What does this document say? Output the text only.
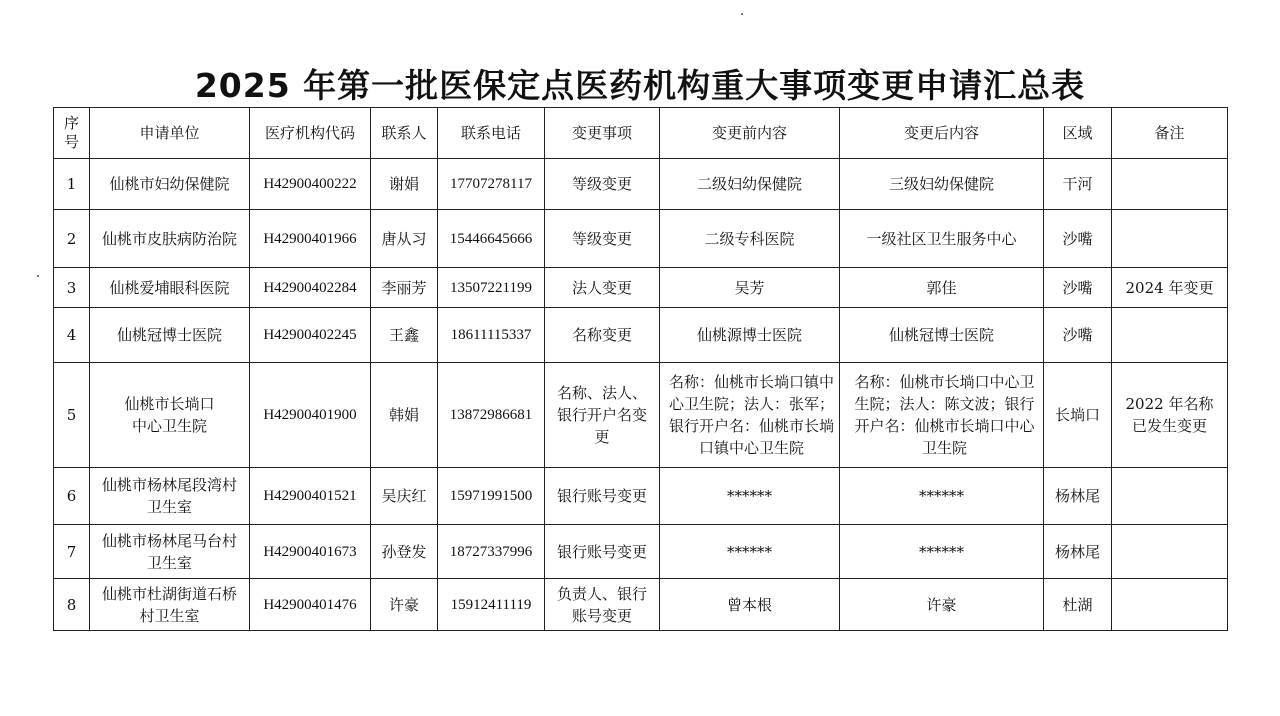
2025 年第一批医保定点医药机构重大事项变更申请汇总表
序号	申请单位	医疗机构代码	联系人	联系电话	变更事项	变更前内容	变更后内容	区域	备注
1	仙桃市妇幼保健院	H42900400222	谢娟	17707278117	等级变更	二级妇幼保健院	三级妇幼保健院	干河	
2	仙桃市皮肤病防治院	H42900401966	唐从习	15446645666	等级变更	二级专科医院	一级社区卫生服务中心	沙嘴	
3	仙桃爱埔眼科医院	H42900402284	李丽芳	13507221199	法人变更	吴芳	郭佳	沙嘴	2024 年变更
4	仙桃冠博士医院	H42900402245	王鑫	18611115337	名称变更	仙桃源博士医院	仙桃冠博士医院	沙嘴	
5	仙桃市长埫口中心卫生院	H42900401900	韩娟	13872986681	名称、法人、银行开户名变更	名称：仙桃市长埫口镇中心卫生院；法人：张军；银行开户名：仙桃市长埫口镇中心卫生院	名称：仙桃市长埫口中心卫生院；法人：陈文波；银行开户名：仙桃市长埫口中心卫生院	长埫口	2022 年名称已发生变更
6	仙桃市杨林尾段湾村卫生室	H42900401521	吴庆红	15971991500	银行账号变更	******	******	杨林尾	
7	仙桃市杨林尾马台村卫生室	H42900401673	孙登发	18727337996	银行账号变更	******	******	杨林尾	
8	仙桃市杜湖街道石桥村卫生室	H42900401476	许豪	15912411119	负责人、银行账号变更	曾本根	许豪	杜湖	
